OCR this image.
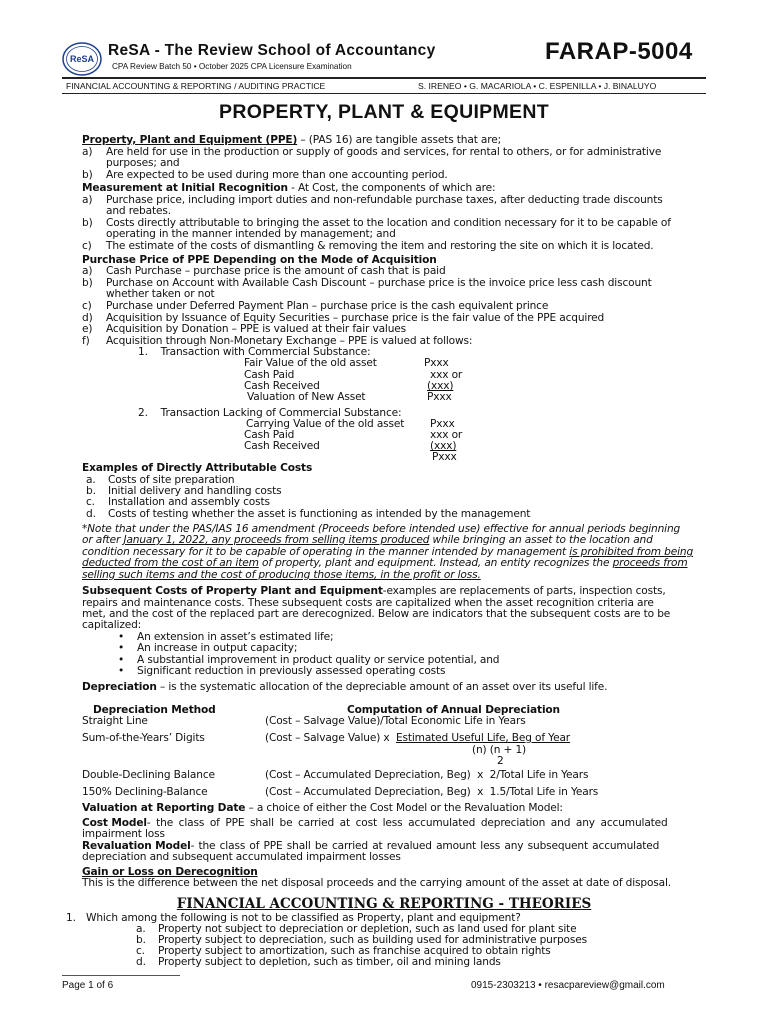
ReSA ReSA - The Review School of Accountancy
CPA Review Batch 50 • October 2025 CPA Licensure Examination
FARAP-5004
FINANCIAL ACCOUNTING & REPORTING / AUDITING PRACTICE	S. IRENEO • G. MACARIOLA • C. ESPENILLA • J. BINALUYO
PROPERTY, PLANT & EQUIPMENT
Property, Plant and Equipment (PPE) – (PAS 16) are tangible assets that are;
a) Are held for use in the production or supply of goods and services, for rental to others, or for administrative
purposes; and
b) Are expected to be used during more than one accounting period.
Measurement at Initial Recognition - At Cost, the components of which are:
a) Purchase price, including import duties and non-refundable purchase taxes, after deducting trade discounts
and rebates.
b) Costs directly attributable to bringing the asset to the location and condition necessary for it to be capable of
operating in the manner intended by management; and
c) The estimate of the costs of dismantling & removing the item and restoring the site on which it is located.
Purchase Price of PPE Depending on the Mode of Acquisition
a) Cash Purchase – purchase price is the amount of cash that is paid
b) Purchase on Account with Available Cash Discount – purchase price is the invoice price less cash discount
whether taken or not
c) Purchase under Deferred Payment Plan – purchase price is the cash equivalent prince
d) Acquisition by Issuance of Equity Securities – purchase price is the fair value of the PPE acquired
e) Acquisition by Donation – PPE is valued at their fair values
f) Acquisition through Non-Monetary Exchange – PPE is valued at follows:
1.    Transaction with Commercial Substance:
Fair Value of the old asset	Pxxx
Cash Paid	xxx or
Cash Received	(xxx)
Valuation of New Asset	Pxxx
2.    Transaction Lacking of Commercial Substance:
Carrying Value of the old asset Pxxx
Cash Paid	xxx or
Cash Received	(xxx)
Pxxx
Examples of Directly Attributable Costs
a. Costs of site preparation
b. Initial delivery and handling costs
c. Installation and assembly costs
d. Costs of testing whether the asset is functioning as intended by the management
*Note that under the PAS/IAS 16 amendment (Proceeds before intended use) effective for annual periods beginning
or after January 1, 2022, any proceeds from selling items produced while bringing an asset to the location and
condition necessary for it to be capable of operating in the manner intended by management is prohibited from being
deducted from the cost of an item of property, plant and equipment. Instead, an entity recognizes the proceeds from
selling such items and the cost of producing those items, in the profit or loss.
Subsequent Costs of Property Plant and Equipment-examples are replacements of parts, inspection costs,
repairs and maintenance costs. These subsequent costs are capitalized when the asset recognition criteria are
met, and the cost of the replaced part are derecognized. Below are indicators that the subsequent costs are to be
capitalized:
• An extension in asset’s estimated life;
• An increase in output capacity;
• A substantial improvement in product quality or service potential, and
• Significant reduction in previously assessed operating costs
Depreciation – is the systematic allocation of the depreciable amount of an asset over its useful life.
Depreciation Method	Computation of Annual Depreciation
Straight Line	(Cost – Salvage Value)/Total Economic Life in Years
Sum-of-the-Years’ Digits	(Cost – Salvage Value) x  Estimated Useful Life, Beg of Year
(n) (n + 1)
2
Double-Declining Balance	(Cost – Accumulated Depreciation, Beg)  x  2/Total Life in Years
150% Declining-Balance	(Cost – Accumulated Depreciation, Beg)  x  1.5/Total Life in Years
Valuation at Reporting Date – a choice of either the Cost Model or the Revaluation Model:
Cost Model- the class of PPE shall be carried at cost less accumulated depreciation and any accumulated
impairment loss
Revaluation Model- the class of PPE shall be carried at revalued amount less any subsequent accumulated
depreciation and subsequent accumulated impairment losses
Gain or Loss on Derecognition
This is the difference between the net disposal proceeds and the carrying amount of the asset at date of disposal.
FINANCIAL ACCOUNTING & REPORTING - THEORIES
1. Which among the following is not to be classified as Property, plant and equipment?
a. Property not subject to depreciation or depletion, such as land used for plant site
b. Property subject to depreciation, such as building used for administrative purposes
c. Property subject to amortization, such as franchise acquired to obtain rights
d. Property subject to depletion, such as timber, oil and mining lands
Page 1 of 6	0915-2303213 • resacpareview@gmail.com
